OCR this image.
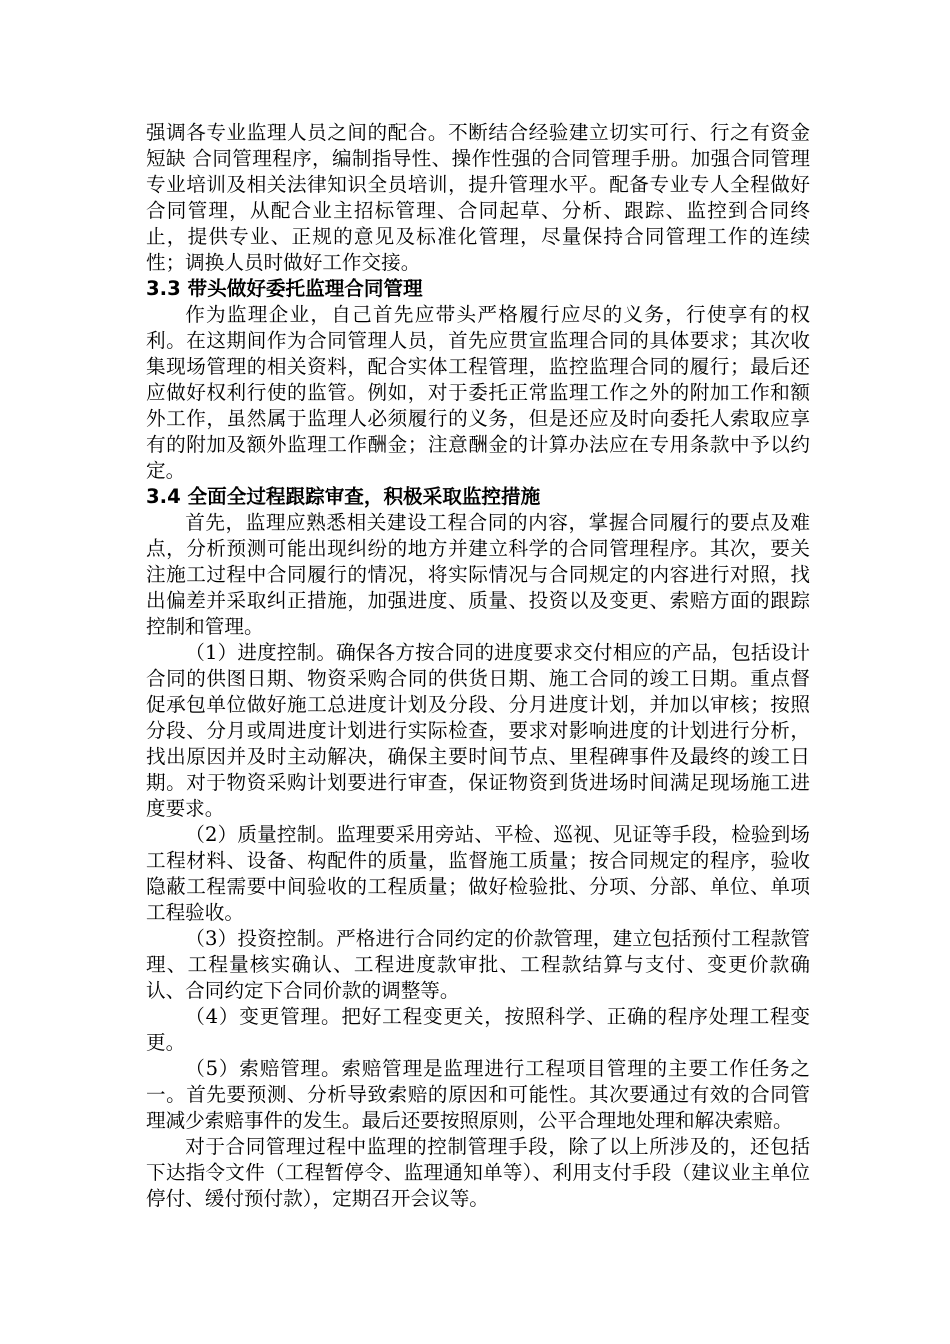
强调各专业监理人员之间的配合。不断结合经验建立切实可行、行之有资金短缺 合同管理程序，编制指导性、操作性强的合同管理手册。加强合同管理专业培训及相关法律知识全员培训，提升管理水平。配备专业专人全程做好合同管理，从配合业主招标管理、合同起草、分析、跟踪、监控到合同终止，提供专业、正规的意见及标准化管理，尽量保持合同管理工作的连续性；调换人员时做好工作交接。

3.3 带头做好委托监理合同管理

作为监理企业，自己首先应带头严格履行应尽的义务，行使享有的权利。在这期间作为合同管理人员，首先应贯宣监理合同的具体要求；其次收集现场管理的相关资料，配合实体工程管理，监控监理合同的履行；最后还应做好权利行使的监管。例如，对于委托正常监理工作之外的附加工作和额外工作，虽然属于监理人必须履行的义务，但是还应及时向委托人索取应享有的附加及额外监理工作酬金；注意酬金的计算办法应在专用条款中予以约定。

3.4 全面全过程跟踪审查，积极采取监控措施

首先，监理应熟悉相关建设工程合同的内容，掌握合同履行的要点及难点，分析预测可能出现纠纷的地方并建立科学的合同管理程序。其次，要关注施工过程中合同履行的情况，将实际情况与合同规定的内容进行对照，找出偏差并采取纠正措施，加强进度、质量、投资以及变更、索赔方面的跟踪控制和管理。

（1）进度控制。确保各方按合同的进度要求交付相应的产品，包括设计合同的供图日期、物资采购合同的供货日期、施工合同的竣工日期。重点督促承包单位做好施工总进度计划及分段、分月进度计划，并加以审核；按照分段、分月或周进度计划进行实际检查，要求对影响进度的计划进行分析，找出原因并及时主动解决，确保主要时间节点、里程碑事件及最终的竣工日期。对于物资采购计划要进行审查，保证物资到货进场时间满足现场施工进度要求。

（2）质量控制。监理要采用旁站、平检、巡视、见证等手段，检验到场工程材料、设备、构配件的质量，监督施工质量；按合同规定的程序，验收隐蔽工程需要中间验收的工程质量；做好检验批、分项、分部、单位、单项工程验收。

（3）投资控制。严格进行合同约定的价款管理，建立包括预付工程款管理、工程量核实确认、工程进度款审批、工程款结算与支付、变更价款确认、合同约定下合同价款的调整等。

（4）变更管理。把好工程变更关，按照科学、正确的程序处理工程变更。

（5）索赔管理。索赔管理是监理进行工程项目管理的主要工作任务之一。首先要预测、分析导致索赔的原因和可能性。其次要通过有效的合同管理减少索赔事件的发生。最后还要按照原则，公平合理地处理和解决索赔。

对于合同管理过程中监理的控制管理手段，除了以上所涉及的，还包括下达指令文件（工程暂停令、监理通知单等）、利用支付手段（建议业主单位停付、缓付预付款），定期召开会议等。
